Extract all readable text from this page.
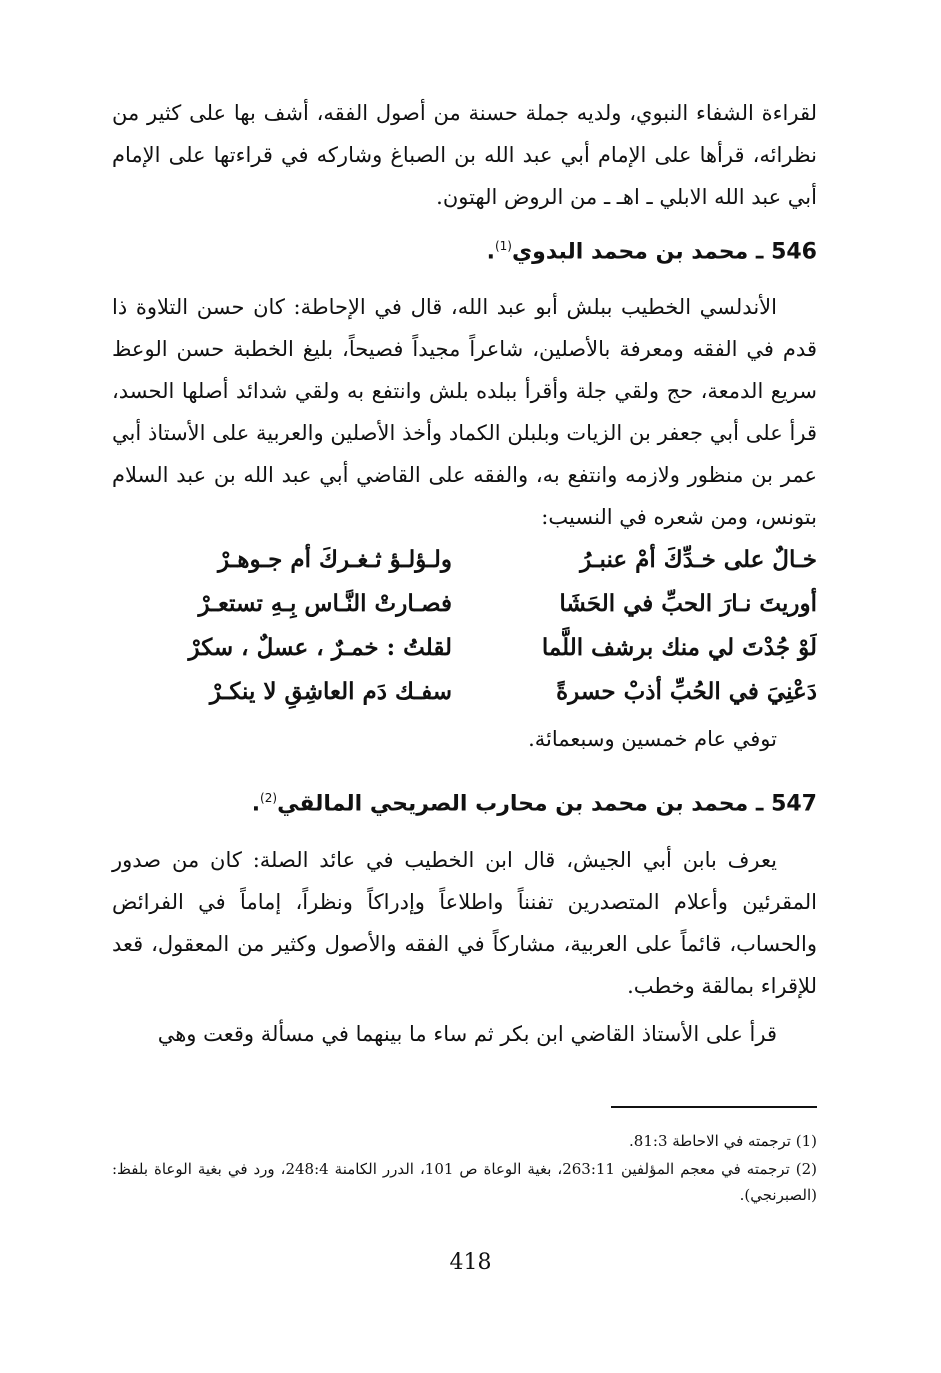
لقراءة الشفاء النبوي، ولديه جملة حسنة من أصول الفقه، أشف بها على كثير من نظرائه، قرأها على الإمام أبي عبد الله بن الصباغ وشاركه في قراءتها على الإمام أبي عبد الله الابلي ـ اهـ ـ من الروض الهتون.

546 ـ محمد بن محمد البدوي$^{(1)}$.

الأندلسي الخطيب ببلش أبو عبد الله، قال في الإحاطة: كان حسن التلاوة ذا قدم في الفقه ومعرفة بالأصلين، شاعراً مجيداً فصيحاً، بليغ الخطبة حسن الوعظ سريع الدمعة، حج ولقي جلة وأقرأ ببلده بلش وانتفع به ولقي شدائد أصلها الحسد، قرأ على أبي جعفر بن الزيات وبلبلن الكماد وأخذ الأصلين والعربية على الأستاذ أبي عمر بن منظور ولازمه وانتفع به، والفقه على القاضي أبي عبد الله بن عبد السلام بتونس، ومن شعره في النسيب:

خـالٌ على خـدِّكَ أمْ عنبـرُ
ولـؤلـؤ ثـغـركَ أم جـوهـرْ
أوريتَ نـارَ الحبِّ في الحَشَا
فصـارتْ النَّـاس بِـهِ تستعـرْ
لَوْ جُدْتَ لي منك برشف اللَّما
لقلتُ : خمـرٌ ، عسلٌ ، سكرْ
دَعْنِيَ في الحُبِّ أذبْ حسرةً
سفـك دَم العاشِقِ لا ينكـرْ

توفي عام خمسين وسبعمائة.

547 ـ محمد بن محمد بن محارب الصريحي المالقي$^{(2)}$.

يعرف بابن أبي الجيش، قال ابن الخطيب في عائد الصلة: كان من صدور المقرئين وأعلام المتصدرين تفنناً واطلاعاً وإدراكاً ونظراً، إماماً في الفرائض والحساب، قائماً على العربية، مشاركاً في الفقه والأصول وكثير من المعقول، قعد للإقراء بمالقة وخطب.

قرأ على الأستاذ القاضي ابن بكر ثم ساء ما بينهما في مسألة وقعت وهي

(1) ترجمته في الاحاطة 81:3.

(2) ترجمته في معجم المؤلفين 263:11، بغية الوعاة ص 101، الدرر الكامنة 248:4، ورد في بغية الوعاة بلفظ: (الصبرنجي).

418
